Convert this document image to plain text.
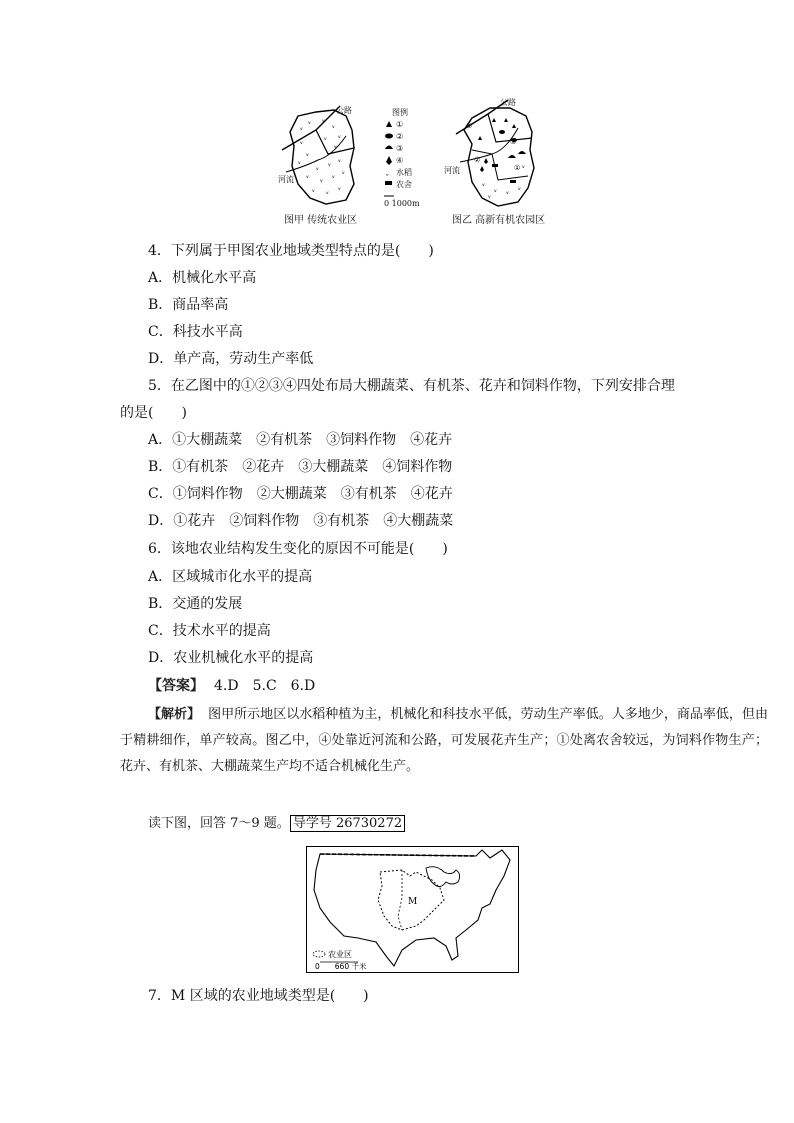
ᵥ
ᵥ ᵥ
ᵥ
ᵥ
ᵥ
ᵥ
ᵥ
ᵥ ᵥ ᵥ
ᵥ ᵥ ᵥ ᵥ
ᵥ ᵥ ᵥ
ᵥ
ᵥ
公路
河流
图例
①
②
③
④
水稻
农舍
ᵥ
0 1000m
ᵥ
ᵥ ᵥ ᵥ
ᵥ
ᵥ
④
③
①
②
公路
河流
图甲 传统农业区	图乙 高新有机农园区
4．下列属于甲图农业地域类型特点的是(　　)
A．机械化水平高
B．商品率高
C．科技水平高
D．单产高，劳动生产率低
5．在乙图中的①②③④四处布局大棚蔬菜、有机茶、花卉和饲料作物，下列安排合理
的是(　　)
A．①大棚蔬菜　②有机茶　③饲料作物　④花卉
B．①有机茶　②花卉　③大棚蔬菜　④饲料作物
C．①饲料作物　②大棚蔬菜　③有机茶　④花卉
D．①花卉　②饲料作物　③有机茶　④大棚蔬菜
6．该地农业结构发生变化的原因不可能是(　　)
A．区域城市化水平的提高
B．交通的发展
C．技术水平的提高
D．农业机械化水平的提高
【答案】 4.D　5.C　6.D
【解析】 图甲所示地区以水稻种植为主，机械化和科技水平低，劳动生产率低。人多地少，商品率低，但由于精耕细作，单产较高。图乙中，④处靠近河流和公路，可发展花卉生产；①处离农舍较远，为饲料作物生产；花卉、有机茶、大棚蔬菜生产均不适合机械化生产。
读下图，回答 7～9 题。 导学号 26730272
M
农业区
0　　660 千米
7．M 区域的农业地域类型是(　　)
